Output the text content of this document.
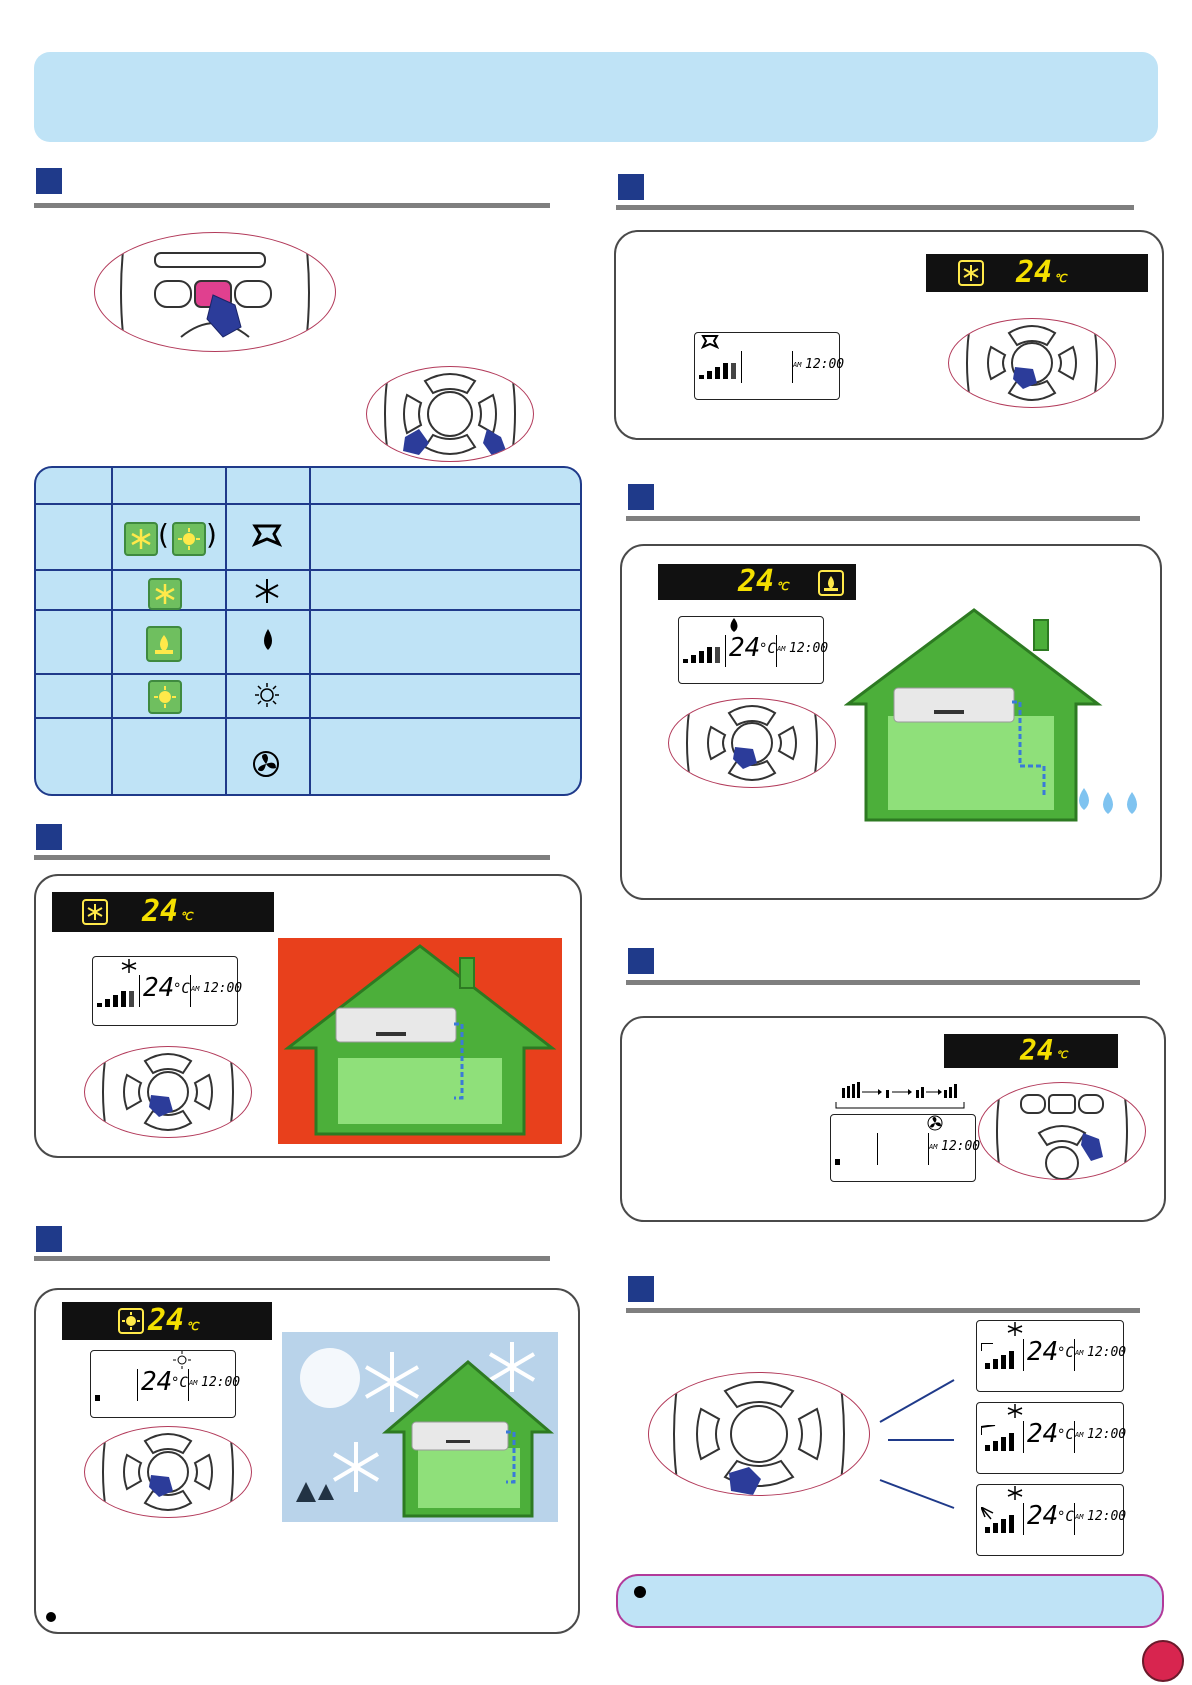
( )
24 ℃
24
°C AM 12:00
24 ℃
24
°C AM 12:00
24 ℃
AM 12:00
24 ℃
24
°C AM 12:00
24 ℃
AM 12:00
24
°C AM 12:00
24
°C AM 12:00
24
°C AM 12:00
